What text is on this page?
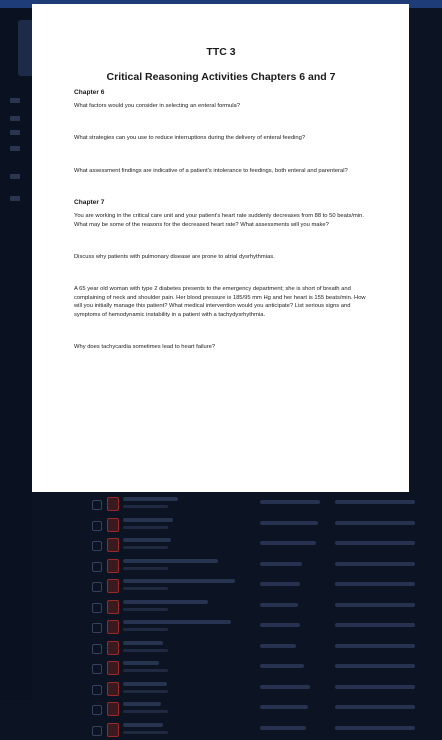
TTC 3
Critical Reasoning Activities Chapters 6 and 7
Chapter 6
What factors would you consider in selecting an enteral formula?
What strategies can you use to reduce interruptions during the delivery of enteral feeding?
What assessment findings are indicative of a patient's intolerance to feedings, both enteral and parenteral?
Chapter 7
You are working in the critical care unit and your patient's heart rate suddenly decreases from 88 to 50 beats/min. What may be some of the reasons for the decreased heart rate? What assessments will you make?
Discuss why patients with pulmonary disease are prone to atrial dysrhythmias.
A 65 year old woman with type 2 diabetes presents to the emergency department; she is short of breath and complaining of neck and shoulder pain. Her blood pressure is 185/95 mm Hg and her heart is 155 beats/min. How will you initially manage this patient? What medical intervention would you anticipate? List serious signs and symptoms of hemodynamic instability in a patient with a tachydysrhythmia.
Why does tachycardia sometimes lead to heart failure?
